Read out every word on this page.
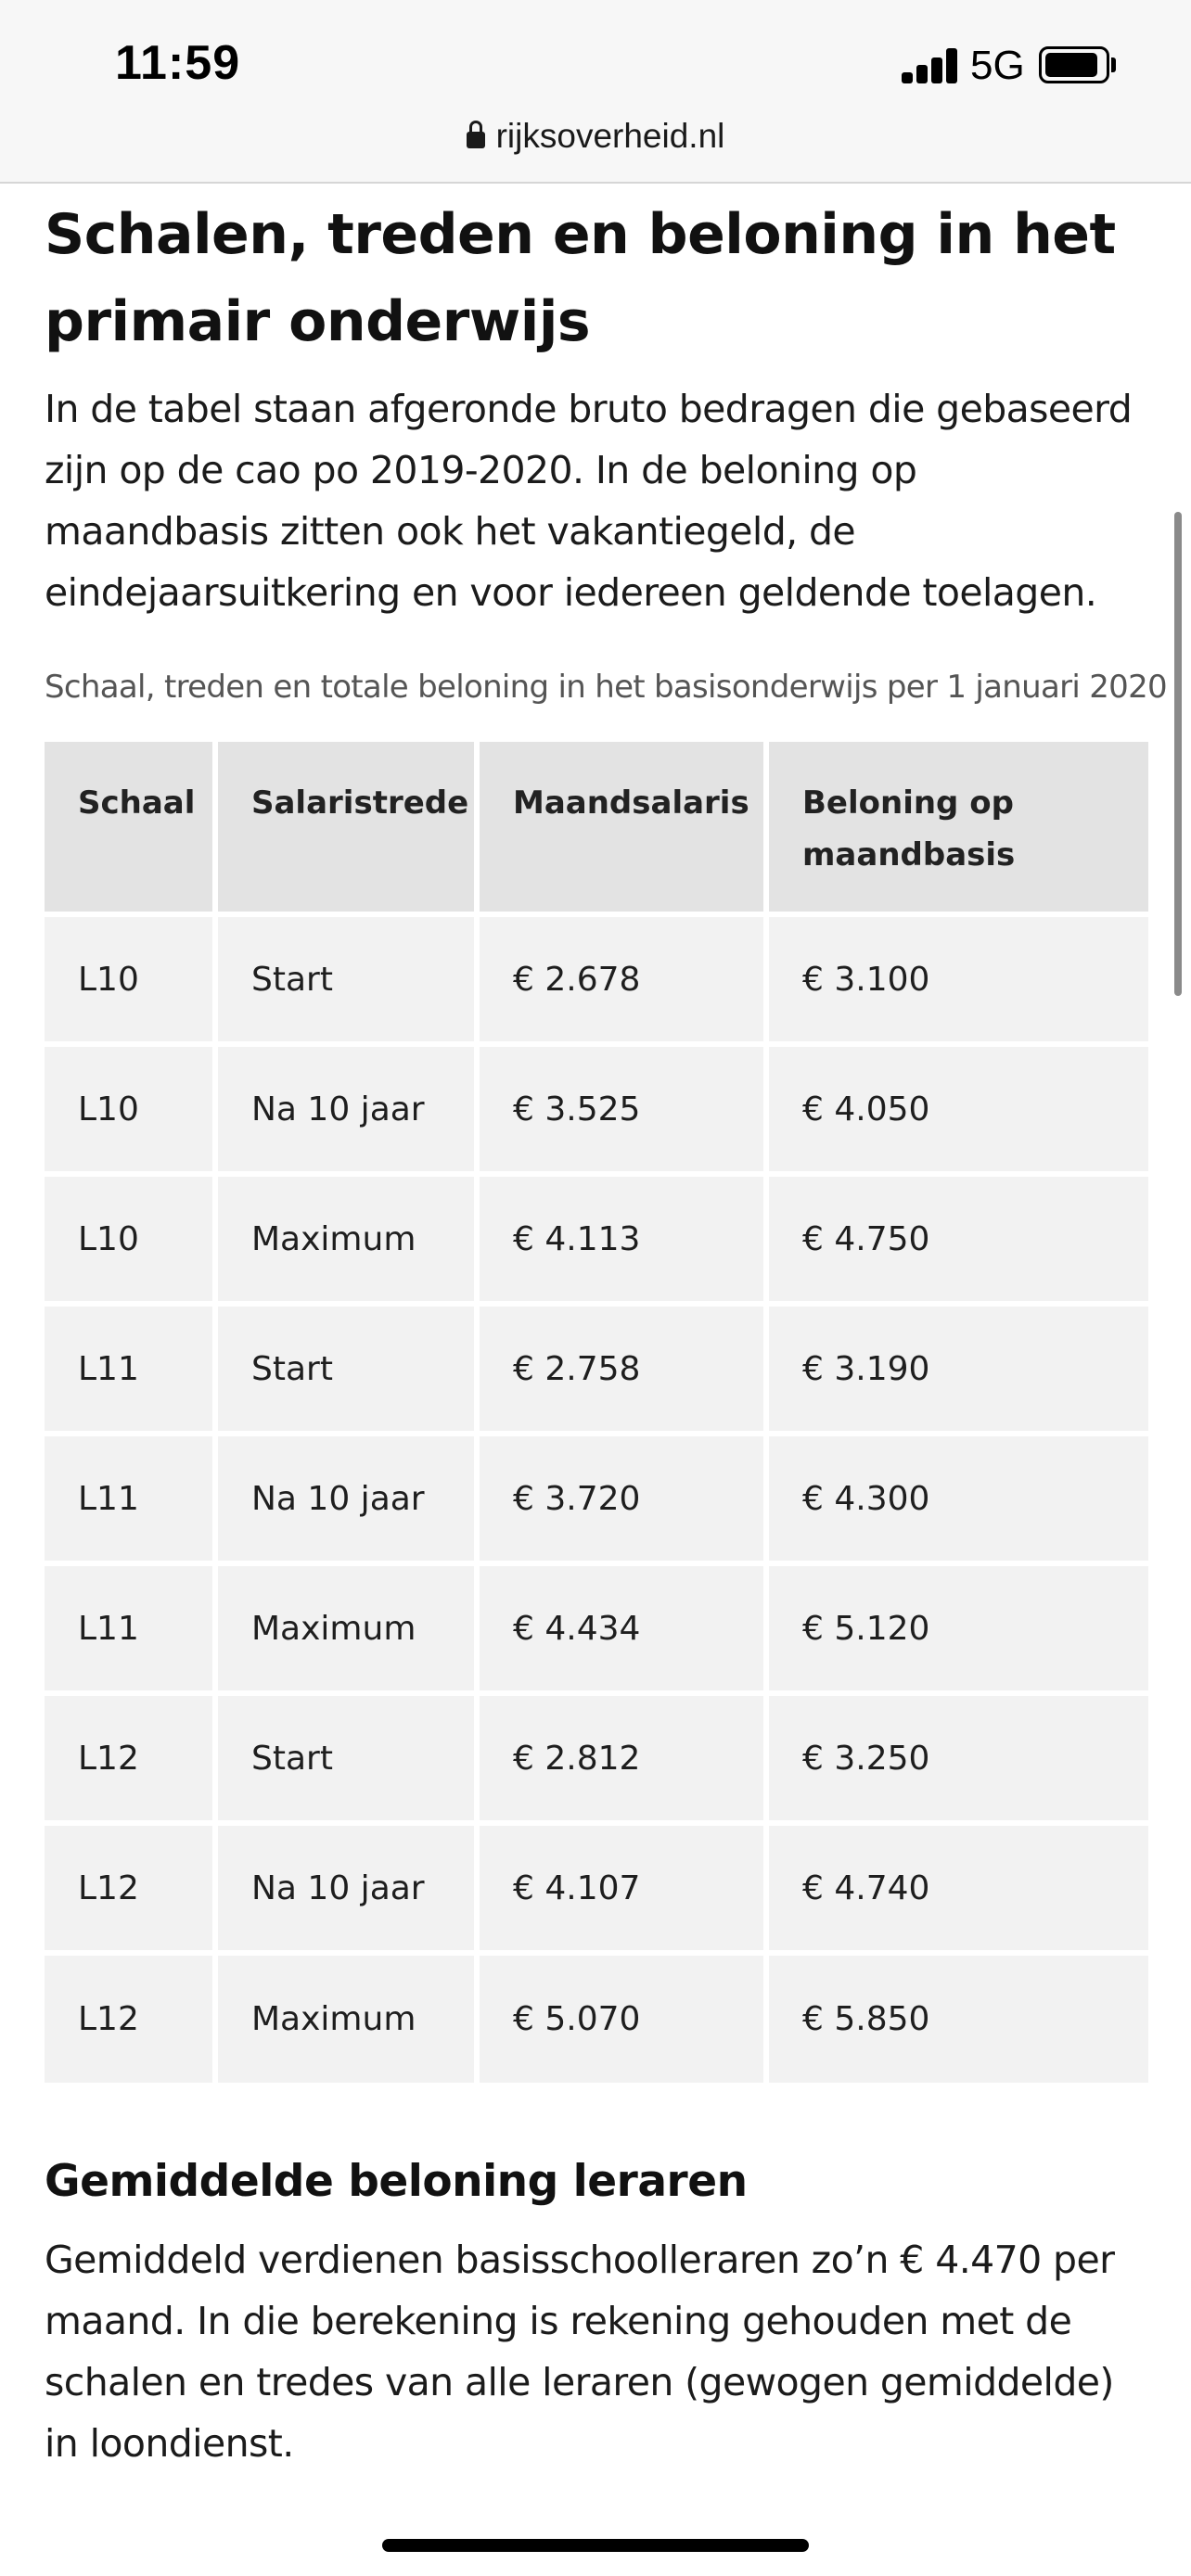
11:59	5G
rijksoverheid.nl
Schalen, treden en beloning in het primair onderwijs

In de tabel staan afgeronde bruto bedragen die gebaseerd zijn op de cao po 2019-2020. In de beloning op maandbasis zitten ook het vakantiegeld, de eindejaarsuitkering en voor iedereen geldende toelagen.

Schaal, treden en totale beloning in het basisonderwijs per 1 januari 2020

Schaal	Salaristrede	Maandsalaris	Beloning op maandbasis
L10	Start	€ 2.678	€ 3.100
L10	Na 10 jaar	€ 3.525	€ 4.050
L10	Maximum	€ 4.113	€ 4.750
L11	Start	€ 2.758	€ 3.190
L11	Na 10 jaar	€ 3.720	€ 4.300
L11	Maximum	€ 4.434	€ 5.120
L12	Start	€ 2.812	€ 3.250
L12	Na 10 jaar	€ 4.107	€ 4.740
L12	Maximum	€ 5.070	€ 5.850
Gemiddelde beloning leraren

Gemiddeld verdienen basisschoolleraren zo’n € 4.470 per maand. In die berekening is rekening gehouden met de schalen en tredes van alle leraren (gewogen gemiddelde) in loondienst.
